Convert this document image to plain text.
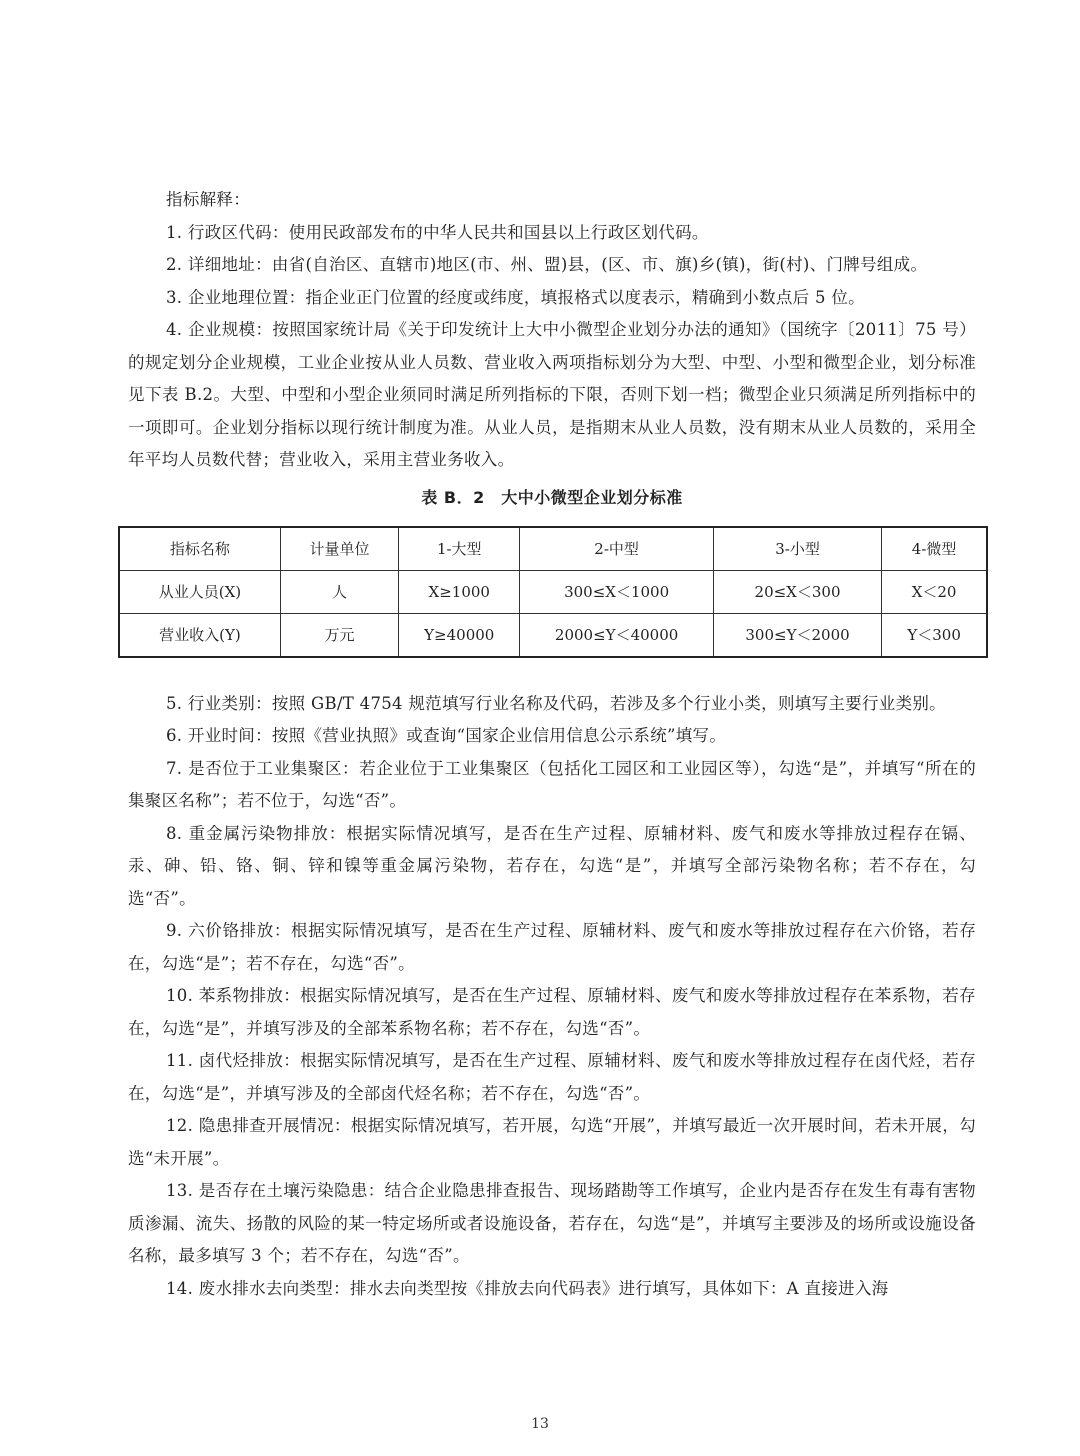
指标解释：

1. 行政区代码：使用民政部发布的中华人民共和国县以上行政区划代码。

2. 详细地址：由省(自治区、直辖市)地区(市、州、盟)县，(区、市、旗)乡(镇)，街(村)、门牌号组成。

3. 企业地理位置：指企业正门位置的经度或纬度，填报格式以度表示，精确到小数点后 5 位。

4. 企业规模：按照国家统计局《关于印发统计上大中小微型企业划分办法的通知》（国统字〔2011〕75 号）的规定划分企业规模，工业企业按从业人员数、营业收入两项指标划分为大型、中型、小型和微型企业，划分标准见下表 B.2。大型、中型和小型企业须同时满足所列指标的下限，否则下划一档；微型企业只须满足所列指标中的一项即可。企业划分指标以现行统计制度为准。从业人员，是指期末从业人员数，没有期末从业人员数的，采用全年平均人员数代替；营业收入，采用主营业务收入。

表 B．2　大中小微型企业划分标准
指标名称	计量单位	1-大型	2-中型	3-小型	4-微型
从业人员(X)	人	X≥1000	300≤X＜1000	20≤X＜300	X＜20
营业收入(Y)	万元	Y≥40000	2000≤Y＜40000	300≤Y＜2000	Y＜300

5. 行业类别：按照 GB/T 4754 规范填写行业名称及代码，若涉及多个行业小类，则填写主要行业类别。

6. 开业时间：按照《营业执照》或查询“国家企业信用信息公示系统”填写。

7. 是否位于工业集聚区：若企业位于工业集聚区（包括化工园区和工业园区等），勾选“是”，并填写“所在的集聚区名称”；若不位于，勾选“否”。

8. 重金属污染物排放：根据实际情况填写，是否在生产过程、原辅材料、废气和废水等排放过程存在镉、汞、砷、铅、铬、铜、锌和镍等重金属污染物，若存在，勾选“是”，并填写全部污染物名称；若不存在，勾选“否”。

9. 六价铬排放：根据实际情况填写，是否在生产过程、原辅材料、废气和废水等排放过程存在六价铬，若存在，勾选“是”；若不存在，勾选“否”。

10. 苯系物排放：根据实际情况填写，是否在生产过程、原辅材料、废气和废水等排放过程存在苯系物，若存在，勾选“是”，并填写涉及的全部苯系物名称；若不存在，勾选“否”。

11. 卤代烃排放：根据实际情况填写，是否在生产过程、原辅材料、废气和废水等排放过程存在卤代烃，若存在，勾选“是”，并填写涉及的全部卤代烃名称；若不存在，勾选“否”。

12. 隐患排查开展情况：根据实际情况填写，若开展，勾选“开展”，并填写最近一次开展时间，若未开展，勾选“未开展”。

13. 是否存在土壤污染隐患：结合企业隐患排查报告、现场踏勘等工作填写，企业内是否存在发生有毒有害物质渗漏、流失、扬散的风险的某一特定场所或者设施设备，若存在，勾选“是”，并填写主要涉及的场所或设施设备名称，最多填写 3 个；若不存在，勾选“否”。

14. 废水排水去向类型：排水去向类型按《排放去向代码表》进行填写，具体如下：A 直接进入海

13
